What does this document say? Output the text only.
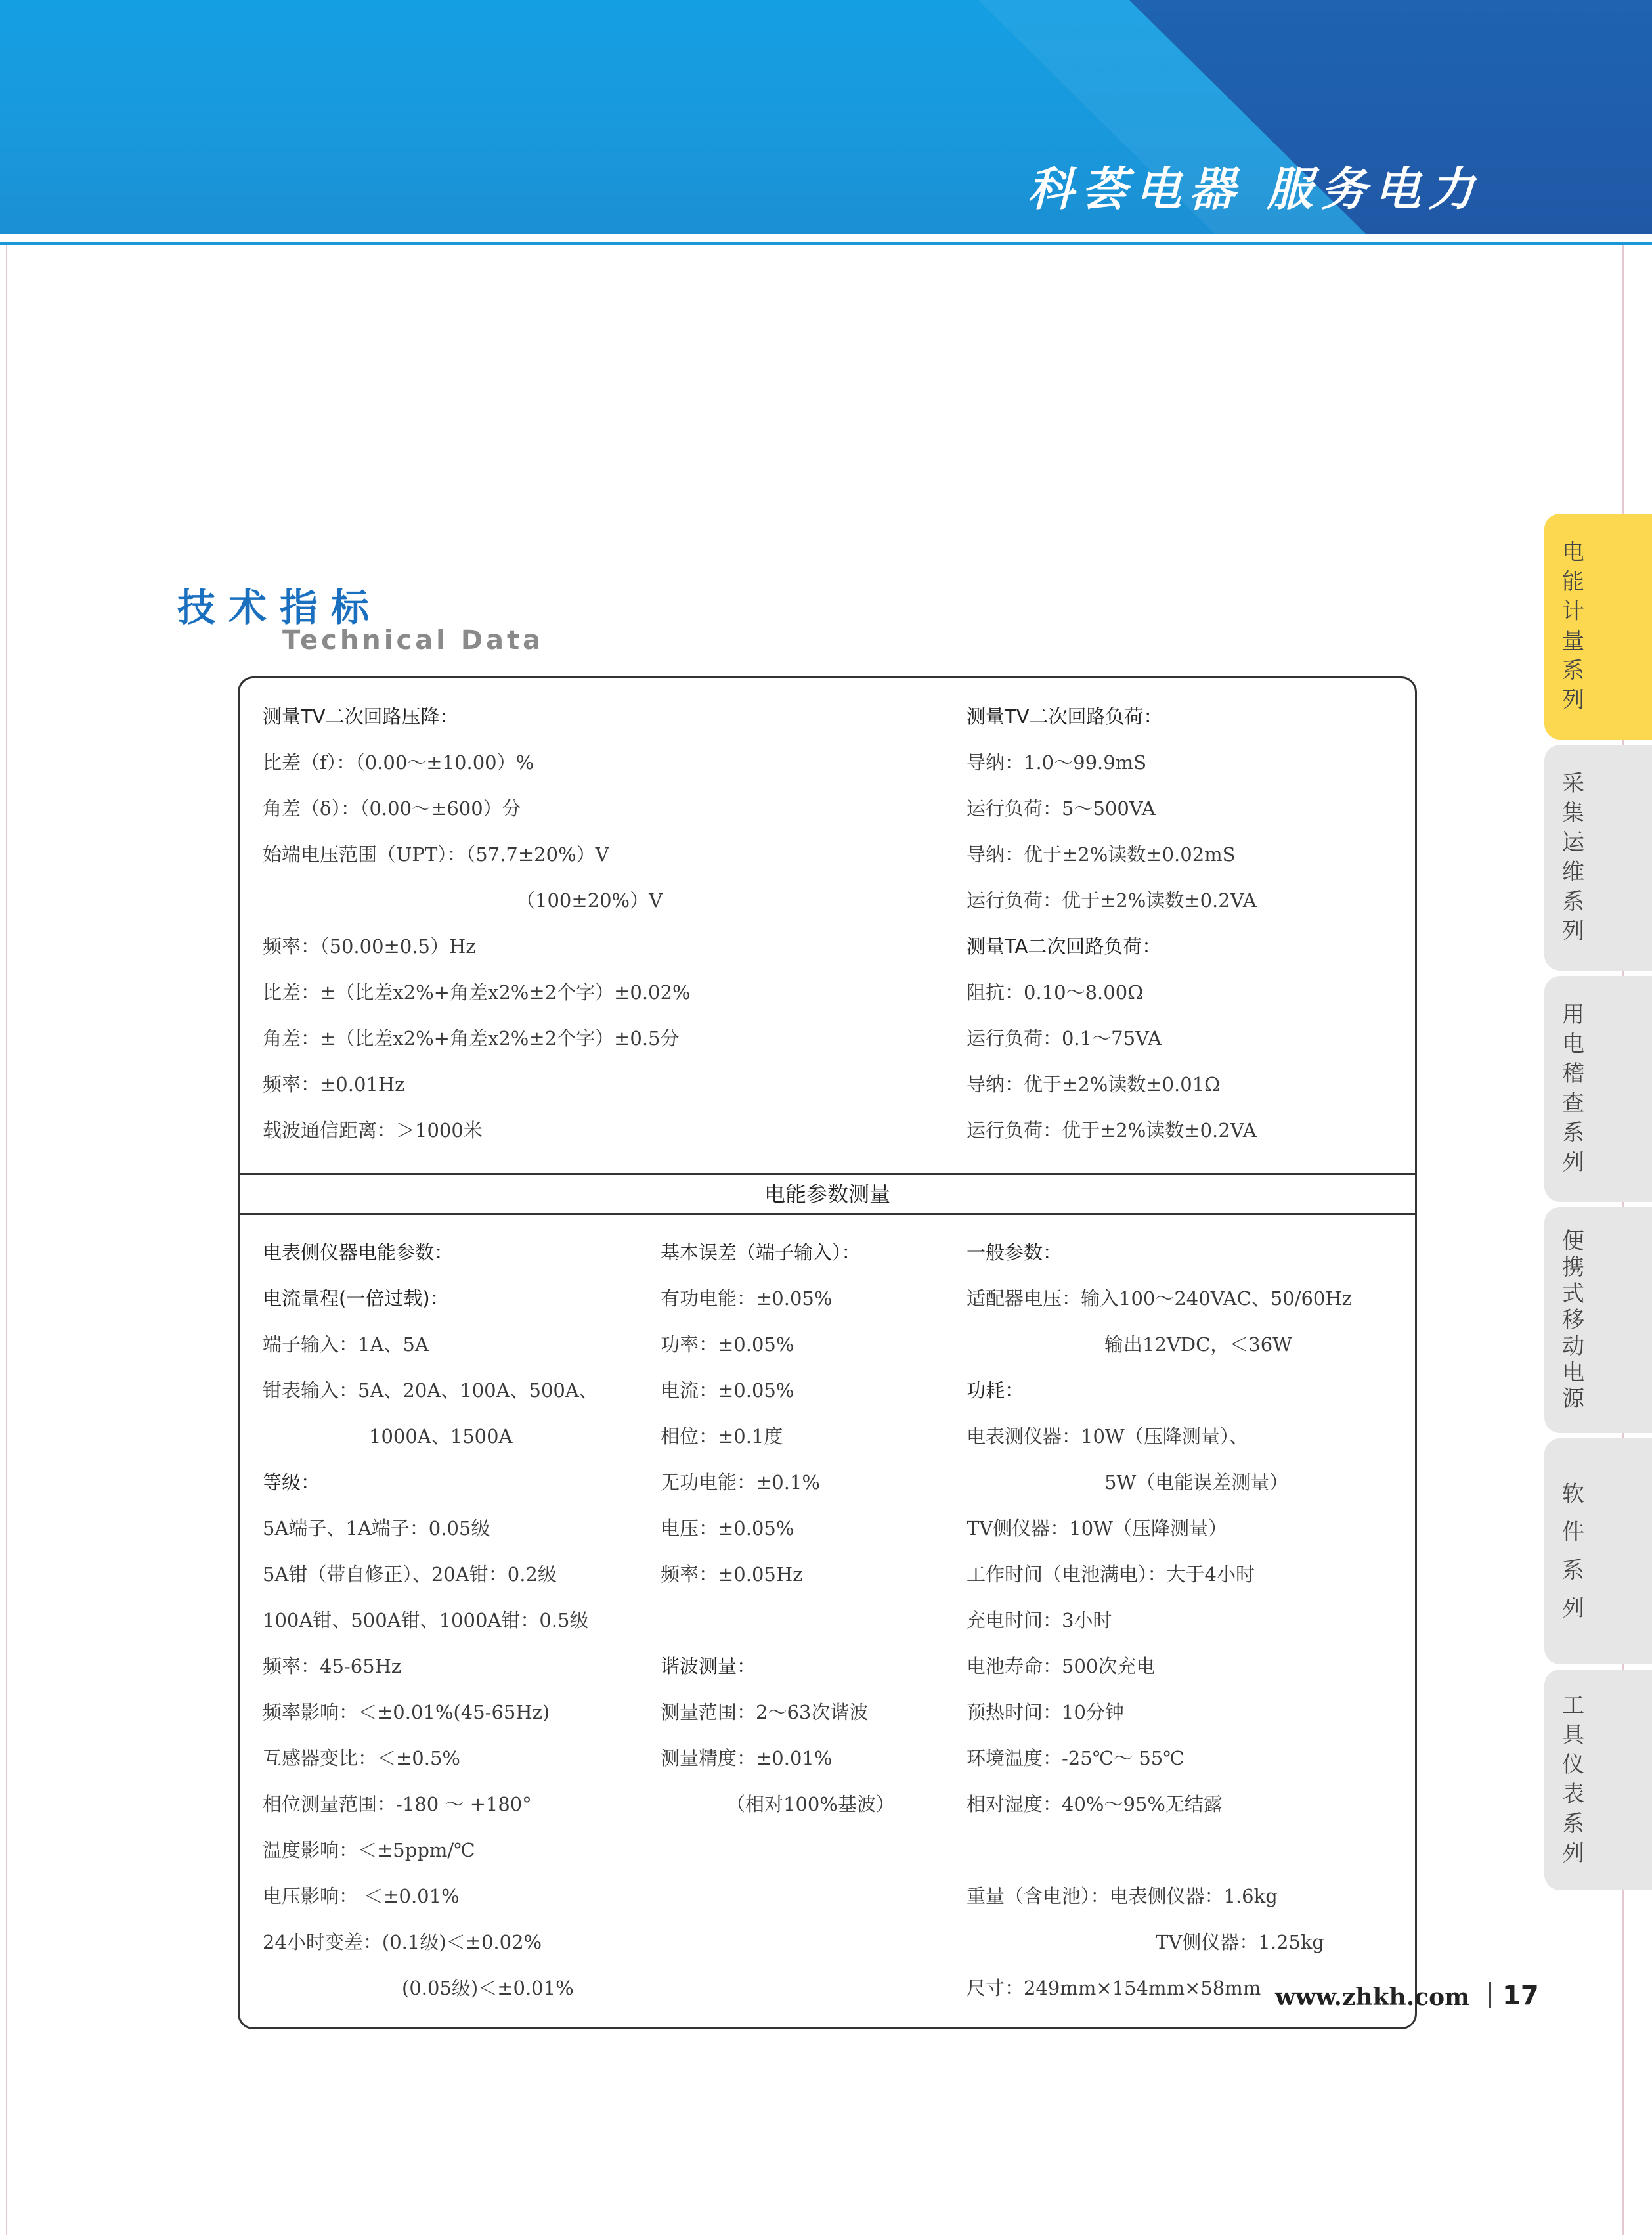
科荟电器 服务电力
技术指标
Technical Data
电能参数测量
测量TV二次回路压降：
比差（f）：（0.00～±10.00）%
角差（δ）：（0.00～±600）分
始端电压范围（UPT）：（57.7±20%）V
（100±20%）V
频率：（50.00±0.5）Hz
比差：±（比差x2%+角差x2%±2个字）±0.02%
角差：±（比差x2%+角差x2%±2个字）±0.5分
频率：±0.01Hz
载波通信距离：＞1000米
测量TV二次回路负荷：
导纳：1.0～99.9mS
运行负荷：5～500VA
导纳：优于±2%读数±0.02mS
运行负荷：优于±2%读数±0.2VA
测量TA二次回路负荷：
阻抗：0.10～8.00Ω
运行负荷：0.1～75VA
导纳：优于±2%读数±0.01Ω
运行负荷：优于±2%读数±0.2VA
电表侧仪器电能参数：
电流量程(一倍过载)：
端子输入：1A、5A
钳表输入：5A、20A、100A、500A、
1000A、1500A
等级：
5A端子、1A端子：0.05级
5A钳（带自修正）、20A钳：0.2级
100A钳、500A钳、1000A钳：0.5级
频率：45-65Hz
频率影响：＜±0.01%(45-65Hz)
互感器变比：＜±0.5%
相位测量范围：-180 ～ +180°
温度影响：＜±5ppm/℃
电压影响： ＜±0.01%
24小时变差：(0.1级)＜±0.02%
(0.05级)＜±0.01%
基本误差（端子输入）：
有功电能：±0.05%
功率：±0.05%
电流：±0.05%
相位：±0.1度
无功电能：±0.1%
电压：±0.05%
频率：±0.05Hz
谐波测量：
测量范围：2～63次谐波
测量精度：±0.01%
（相对100%基波）
一般参数：
适配器电压：输入100～240VAC、50/60Hz
输出12VDC，＜36W
功耗：
电表测仪器：10W（压降测量）、
5W（电能误差测量）
TV侧仪器：10W（压降测量）
工作时间（电池满电）：大于4小时
充电时间：3小时
电池寿命：500次充电
预热时间：10分钟
环境温度：-25℃～ 55℃
相对湿度：40%～95%无结露
重量（含电池）：电表侧仪器：1.6kg
TV侧仪器：1.25kg
尺寸：249mm×154mm×58mm
电能计量系列
采集运维系列
用电稽查系列
便携式移动电源
软件系列
工具仪表系列
www.zhkh.com 17
